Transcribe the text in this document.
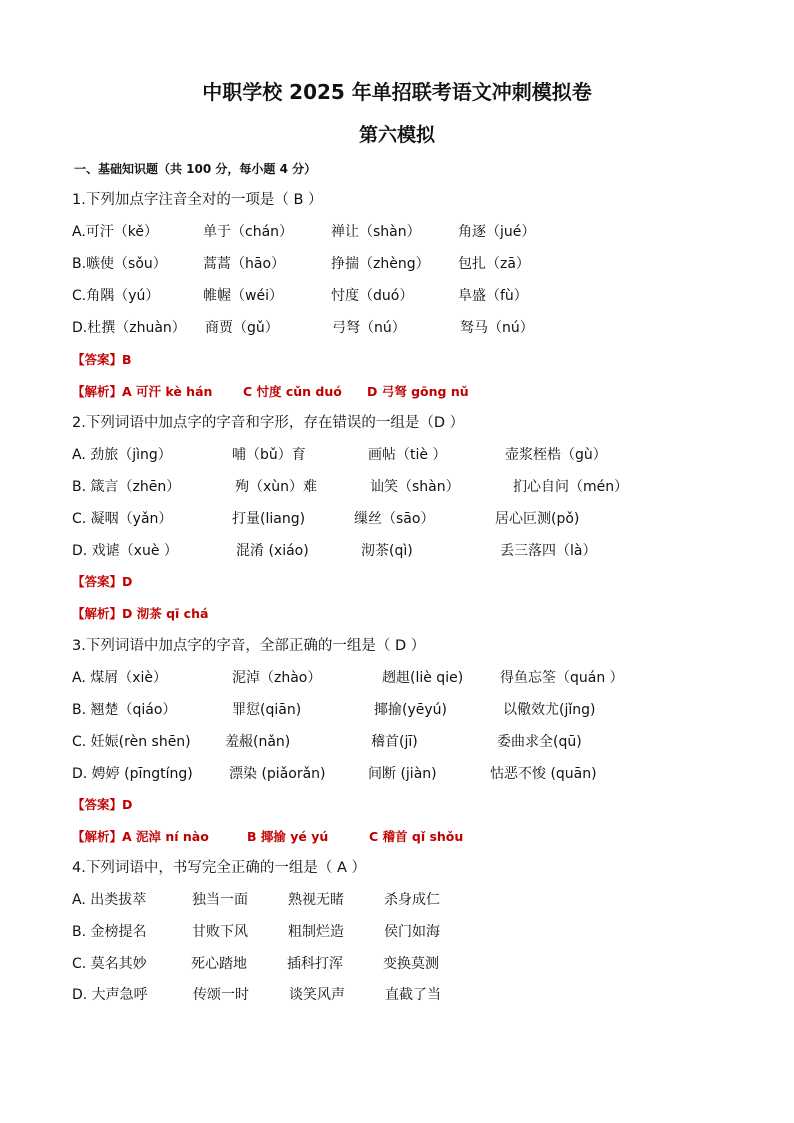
中职学校 2025 年单招联考语文冲刺模拟卷
第六模拟
一、基础知识题（共 100 分，每小题 4 分）
1.下列加点字注音全对的一项是（ B ）
A.可汗（kě）	单于（chán）	禅让（shàn）	角逐（jué）
B.嗾使（sǒu）	蒿蒿（hāo）	挣揣（zhèng） 包扎（zā）
C.角隅（yú）	帷幄（wéi）	忖度（duó）	阜盛（fù）
D.杜撰（zhuàn） 商贾（gǔ）	弓弩（nú）	驽马（nú）
【答案】B
【解析】A 可汗 kè hán C 忖度 cǔn duó D 弓弩 gōng nǔ
2.下列词语中加点字的字音和字形，存在错误的一组是（D ）
A. 劲旅（jìng）	哺（bǔ）育	画帖（tiè ）	壶浆桎梏（gù）
B. 箴言（zhēn）	殉（xùn）难	讪笑（shàn）	扪心自问（mén）
C. 凝咽（yǎn）	打量(liang)	缫丝（sāo）	居心叵测(pǒ)
D. 戏谑（xuè ）	混淆 (xiáo)	沏茶(qì)	丢三落四（là）
【答案】D
【解析】D 沏茶 qī chá
3.下列词语中加点字的字音，全部正确的一组是（ D ）
A. 煤屑（xiè）	泥淖（zhào）	趔趄(liè qie)	得鱼忘筌（quán ）
B. 翘楚（qiáo）	罪愆(qiān)	揶揄(yēyú)	以儆效尤(jǐng)
C. 妊娠(rèn shēn) 羞赧(nǎn)	稽首(jī)	委曲求全(qū)
D. 娉婷 (pīngtíng)	漂染 (piǎorǎn)	间断 (jiàn)	怙恶不悛 (quān)
【答案】D
【解析】A 泥淖 ní nào	B 揶揄 yé yú	C 稽首 qǐ shǒu
4.下列词语中，书写完全正确的一组是（ A ）
A. 出类拔萃	独当一面	熟视无睹	杀身成仁
B. 金榜提名	甘败下风	粗制烂造	侯门如海
C. 莫名其妙	死心踏地	插科打浑	变换莫测
D. 大声急呼	传颂一时	谈笑风声	直截了当
